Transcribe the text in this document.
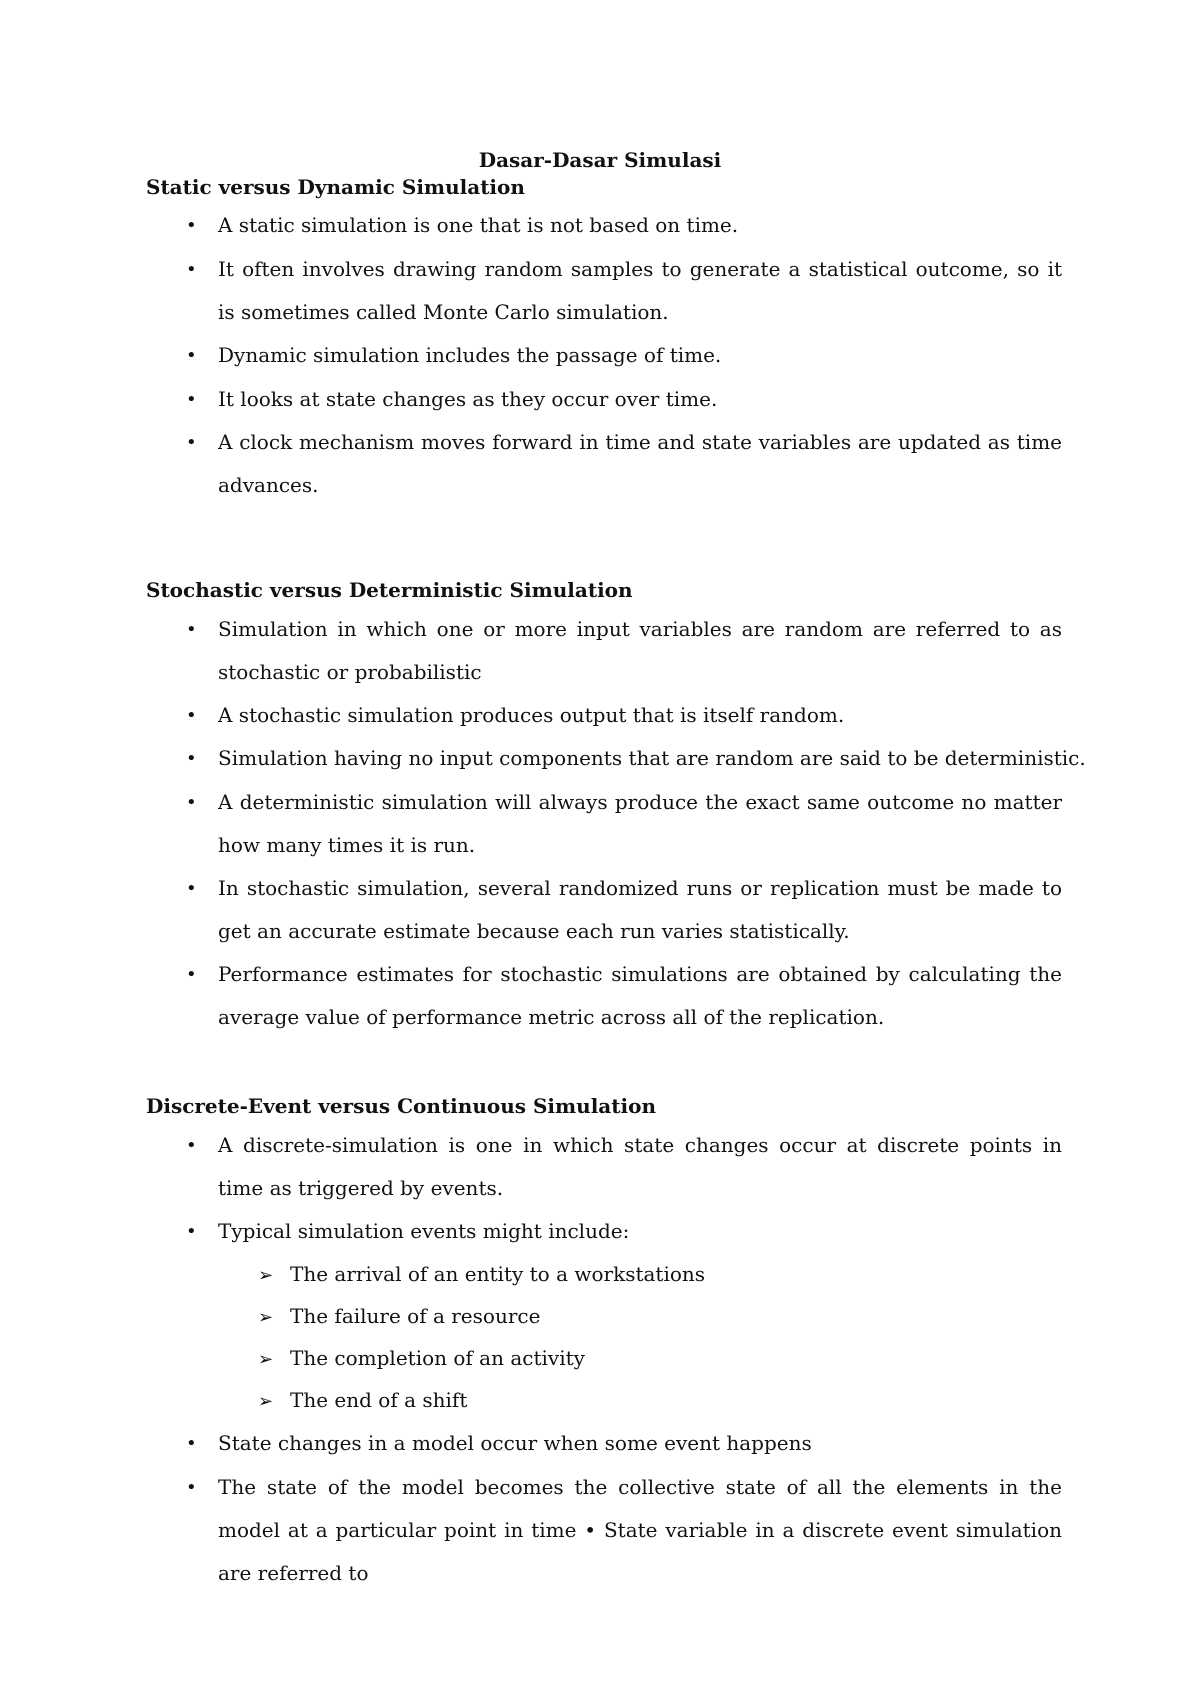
Dasar-Dasar Simulasi
Static versus Dynamic Simulation
•	A static simulation is one that is not based on time.
•	It often involves drawing random samples to generate a statistical outcome, so it is sometimes called Monte Carlo simulation.
•	Dynamic simulation includes the passage of time.
•	It looks at state changes as they occur over time.
•	A clock mechanism moves forward in time and state variables are updated as time advances.
Stochastic versus Deterministic Simulation
•	Simulation in which one or more input variables are random are referred to as stochastic or probabilistic
•	A stochastic simulation produces output that is itself random.
•	Simulation having no input components that are random are said to be deterministic.
•	A deterministic simulation will always produce the exact same outcome no matter how many times it is run.
•	In stochastic simulation, several randomized runs or replication must be made to get an accurate estimate because each run varies statistically.
•	Performance estimates for stochastic simulations are obtained by calculating the average value of performance metric across all of the replication.
Discrete-Event versus Continuous Simulation
•	A discrete-simulation is one in which state changes occur at discrete points in time as triggered by events.
•	Typical simulation events might include:
➢ The arrival of an entity to a workstations
➢ The failure of a resource
➢ The completion of an activity
➢ The end of a shift
•	State changes in a model occur when some event happens
•	The state of the model becomes the collective state of all the elements in the model at a particular point in time • State variable in a discrete event simulation are referred to
